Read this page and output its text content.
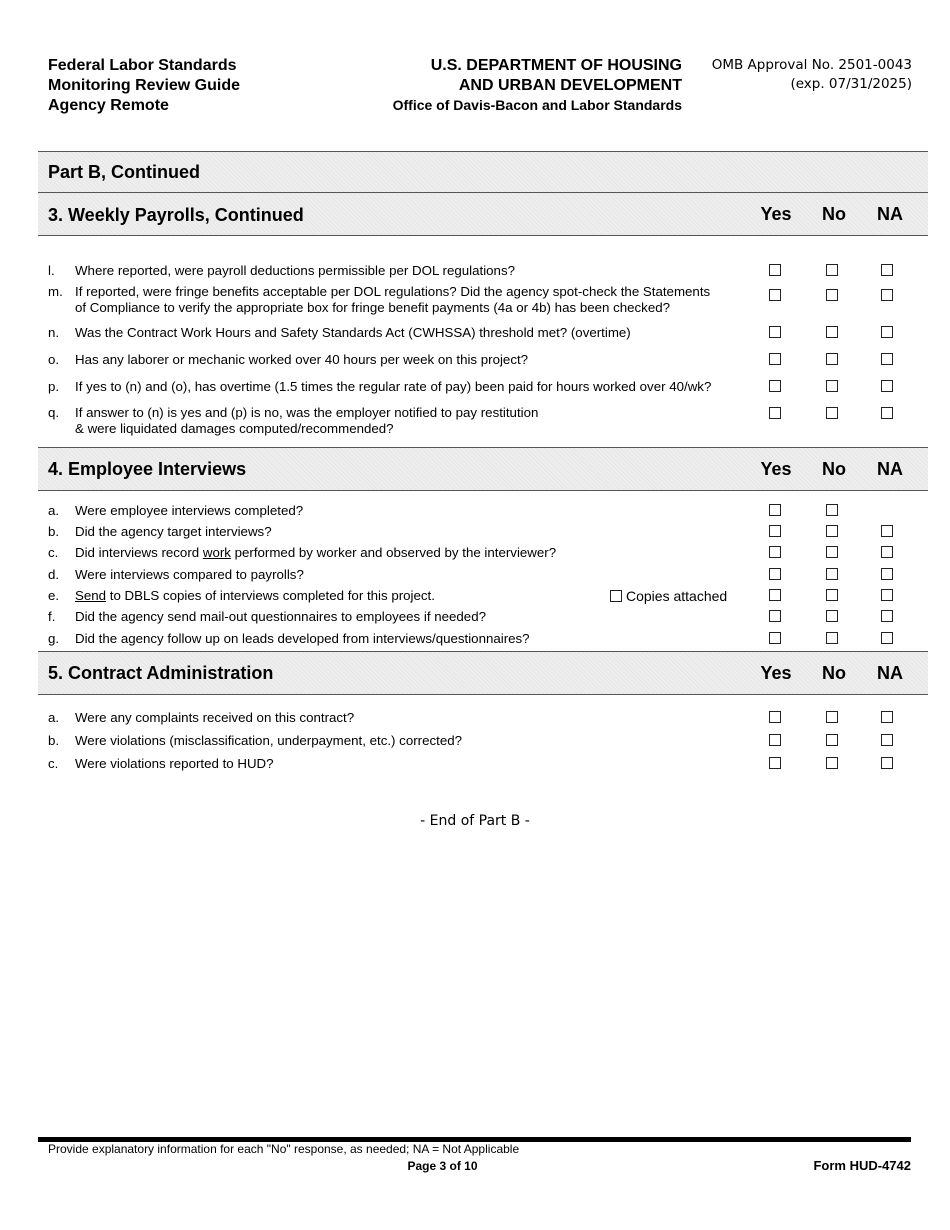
Federal Labor Standards
Monitoring Review Guide
Agency Remote
U.S. DEPARTMENT OF HOUSING
AND URBAN DEVELOPMENT
Office of Davis-Bacon and Labor Standards
OMB Approval No. 2501-0043
(exp. 07/31/2025)
Part B, Continued
3. Weekly Payrolls, Continued	Yes	No	NA
l. Where reported, were payroll deductions permissible per DOL regulations?
m. If reported, were fringe benefits acceptable per DOL regulations? Did the agency spot-check the Statements
of Compliance to verify the appropriate box for fringe benefit payments (4a or 4b) has been checked?
n. Was the Contract Work Hours and Safety Standards Act (CWHSSA) threshold met? (overtime)
o. Has any laborer or mechanic worked over 40 hours per week on this project?
p. If yes to (n) and (o), has overtime (1.5 times the regular rate of pay) been paid for hours worked over 40/wk?
q. If answer to (n) is yes and (p) is no, was the employer notified to pay restitution
& were liquidated damages computed/recommended?
4. Employee Interviews	Yes	No	NA
a. Were employee interviews completed?
b. Did the agency target interviews?
c. Did interviews record work performed by worker and observed by the interviewer?
d. Were interviews compared to payrolls?
e. Send to DBLS copies of interviews completed for this project.	Copies attached
f. Did the agency send mail-out questionnaires to employees if needed?
g. Did the agency follow up on leads developed from interviews/questionnaires?
5. Contract Administration	Yes	No	NA
a. Were any complaints received on this contract?
b. Were violations (misclassification, underpayment, etc.) corrected?
c. Were violations reported to HUD?
- End of Part B -
Provide explanatory information for each "No" response, as needed; NA = Not Applicable
Page 3 of 10	Form HUD-4742
